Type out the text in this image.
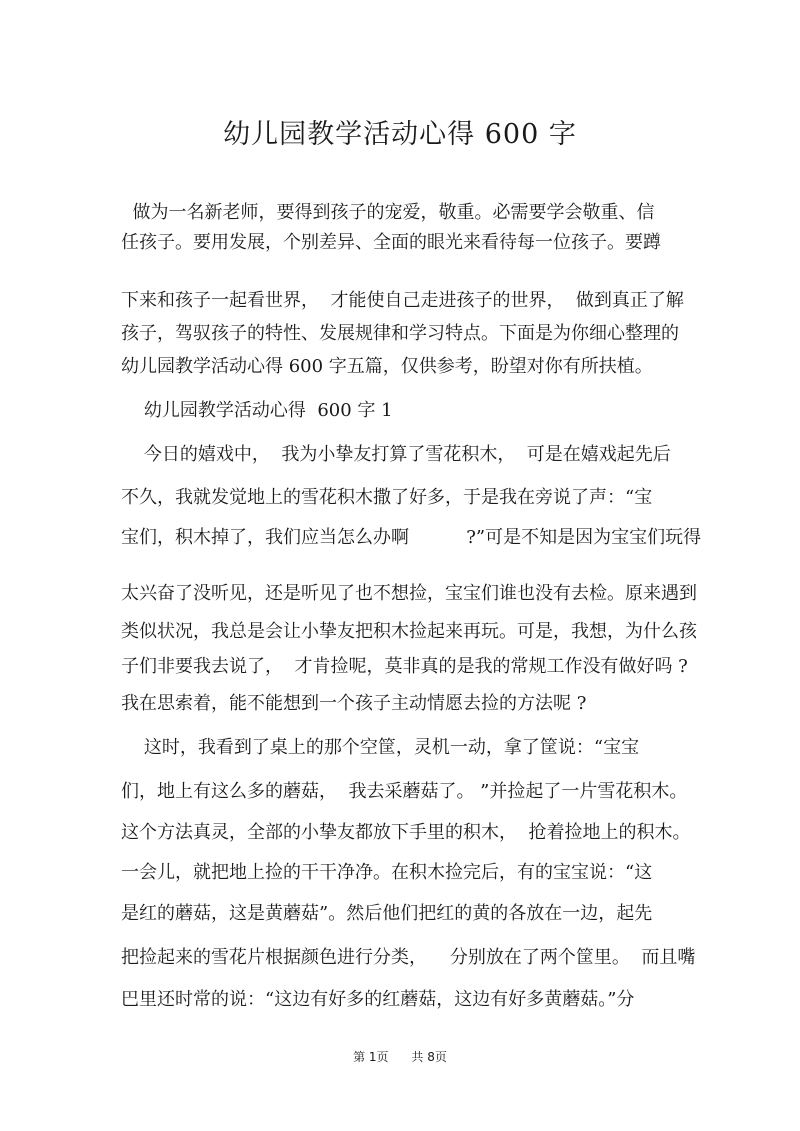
幼儿园教学活动心得 600 字
做为一名新老师，要得到孩子的宠爱，敬重。必需要学会敬重、信
任孩子。要用发展，个别差异、全面的眼光来看待每一位孩子。要蹲
下来和孩子一起看世界，  才能使自己走进孩子的世界，  做到真正了解
孩子，驾驭孩子的特性、发展规律和学习特点。下面是为你细心整理的
幼儿园教学活动心得 600 字五篇，仅供参考，盼望对你有所扶植。
幼儿园教学活动心得  600 字 1
今日的嬉戏中，  我为小挚友打算了雪花积木，  可是在嬉戏起先后
不久，我就发觉地上的雪花积木撒了好多，于是我在旁说了声：“宝
宝们，积木掉了，我们应当怎么办啊          ?”可是不知是因为宝宝们玩得
太兴奋了没听见，还是听见了也不想捡，宝宝们谁也没有去检。原来遇到
类似状况，我总是会让小挚友把积木捡起来再玩。可是，我想，为什么孩
子们非要我去说了，  才肯捡呢，莫非真的是我的常规工作没有做好吗 ?
我在思索着，能不能想到一个孩子主动情愿去捡的方法呢 ?
这时，我看到了桌上的那个空筐，灵机一动，拿了筐说：“宝宝
们，地上有这么多的蘑菇，  我去采蘑菇了。 ”并捡起了一片雪花积木。
这个方法真灵，全部的小挚友都放下手里的积木，  抢着捡地上的积木。
一会儿，就把地上捡的干干净净。在积木捡完后，有的宝宝说：“这
是红的蘑菇，这是黄蘑菇”。然后他们把红的黄的各放在一边，起先
把捡起来的雪花片根据颜色进行分类，    分别放在了两个筐里。  而且嘴
巴里还时常的说：“这边有好多的红蘑菇，这边有好多黄蘑菇。”分
第 1页      共 8页
